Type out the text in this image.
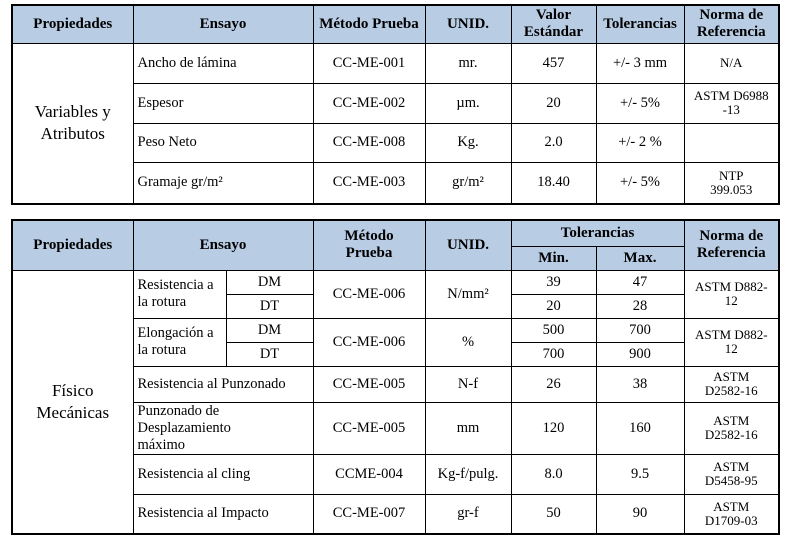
Propiedades	Ensayo	Método Prueba	UNID.	Valor Estándar	Tolerancias	Norma de Referencia
Variables y Atributos	Ancho de lámina	CC-ME-001	mr.	457	+/- 3 mm	N/A
	Espesor	CC-ME-002	µm.	20	+/- 5%	ASTM D6988 -13
	Peso Neto	CC-ME-008	Kg.	2.0	+/- 2 %	
	Gramaje gr/m²	CC-ME-003	gr/m²	18.40	+/- 5%	NTP 399.053
Propiedades	Ensayo		Método Prueba	UNID.	Tolerancias		Norma de Referencia
					Min.	Max.	
Físico Mecánicas	Resistencia a la rotura	DM	CC-ME-006	N/mm²	39	47	ASTM D882-12
		DT			20	28	
	Elongación a la rotura	DM	CC-ME-006	%	500	700	ASTM D882-12
		DT			700	900	
	Resistencia al Punzonado		CC-ME-005	N-f	26	38	ASTM D2582-16
	Punzonado de Desplazamiento máximo		CC-ME-005	mm	120	160	ASTM D2582-16
	Resistencia al cling		CCME-004	Kg-f/pulg.	8.0	9.5	ASTM D5458-95
	Resistencia al Impacto		CC-ME-007	gr-f	50	90	ASTM D1709-03
